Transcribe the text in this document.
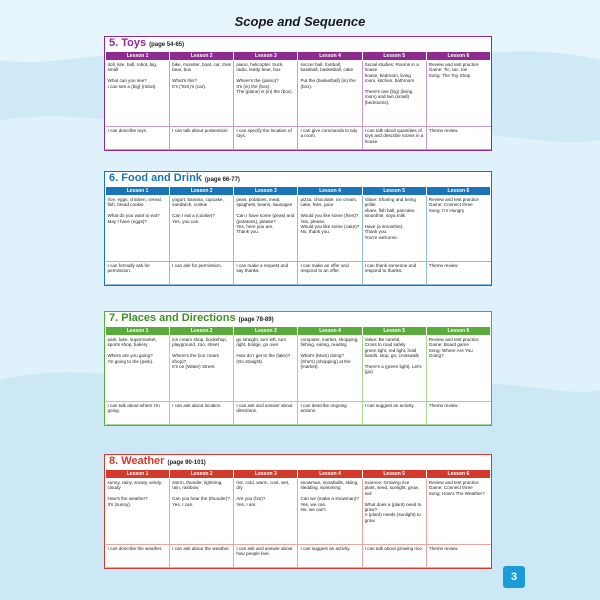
Scope and Sequence
5. Toys (page 54-65)
Lesson 1	Lesson 2	Lesson 3	Lesson 4	Lesson 5	Lesson 6
doll, kite, ball, robot, big, small

What can you see?
I can see a (big) (robot).	bike, monster, boat, car, train bear, box

What's this?
It's (Tom)'s (car).	piano, helicopter, truck, radio, teddy bear, box

Where's the (piano)?
It's (in) the (box).
The (plane) is (in) the (box).	soccer ball, football, baseball, basketball, cake

Put the (basketball) (in) the (box).	Social studies: Rooms in a house
house, bedroom, living room, kitchen, bathroom

There's one (big) (living room) and two (small) (bedrooms).	Review and test practice
Game: Tic, tac, toe
Song: The Toy Shop
I can describe toys.	I can talk about possession.	I can specify the location of toys.	I can give commands to tidy a room.	I can talk about quantities of toys and describe rooms in a house.	Theme review
6. Food and Drink (page 66-77)
Lesson 1	Lesson 2	Lesson 3	Lesson 4	Lesson 5	Lesson 6
rice, eggs, chicken, cereal, fish, bread cookie

What do you want to eat?
May I have (eggs)?	yogurt, banana, cupcake, sandwich, cookie

Can I eat a (cookie)?
Yes, you can.	peas, potatoes, meat, spaghetti, beans, sausages

Can I have some (peas) and (potatoes), please?
Yes, here you are.
Thank you.	pizza, chocolate, ice cream, cake, fries, juice

Would you like some (fries)? Yes, please.
Would you like some (cake)?
No, thank you.	Value: Sharing and being polite
share, fish ball, pancake, smoothie, soya milk

Have (a smoothie).
Thank you.
You're welcome.	Review and test practice
Game: Connect three
Song: I'm Hungry
I can formally ask for permission.	I can ask for permission.	I can make a request and say thanks.	I can make an offer and respond to an offer.	I can thank someone and respond to thanks.	Theme review
7. Places and Directions (page 78-89)
Lesson 1	Lesson 2	Lesson 3	Lesson 4	Lesson 5	Lesson 6
park, lake, supermarket, sports shop, bakery

Where are you going?
I'm going to the (park).	ice cream shop, bookshop, playground, zoo, street

Where's the (ice cream shop)?
It's on (Water) Street.	go straight, turn left, turn right, bridge, go over

How do I get to the (lake)?
(Go straight).	computer, market, shopping, fishing, eating, reading

What's (Mom) doing?
(She's) (shopping) at the (market).	Value: Be careful.
Cross to road safely
green light, red light, hold hands, stop, go, crosswalk

There's a (green light). Let's (go).	Review and test practice
Game: Board game
Song: Where Are You Going?
I can talk about where I'm going.	I can ask about location.	I can ask and answer about directions.	I can describe ongoing actions.	I can suggest an activity.	Theme review
8. Weather (page 90-101)
Lesson 1	Lesson 2	Lesson 3	Lesson 4	Lesson 5	Lesson 6
sunny, rainy, snowy, windy, cloudy

How's the weather?
It's (sunny).	storm, thunder, lightning, rain, rainbow

Can you hear the (thunder)?
Yes, I can.	hot, cold, warm, cool, wet, dry

Are you (hot)?
Yes, I am.	snowman, snowballs, skiing, sledding, swimming

Can we (make a snowman)?
Yes, we can.
No, we can't.	Science: Growing rice
plant, seed, sunlight, grow, soil

What does a (plant) need to grow?
A (plant) needs (sunlight) to grow.	Review and test practice
Game: Connect three
Song: How's The Weather?
I can describe the weather.	I can ask about the weather.	I can ask and answer about how people feel.	I can suggest an activity.	I can talk about growing rice.	Theme review
3
